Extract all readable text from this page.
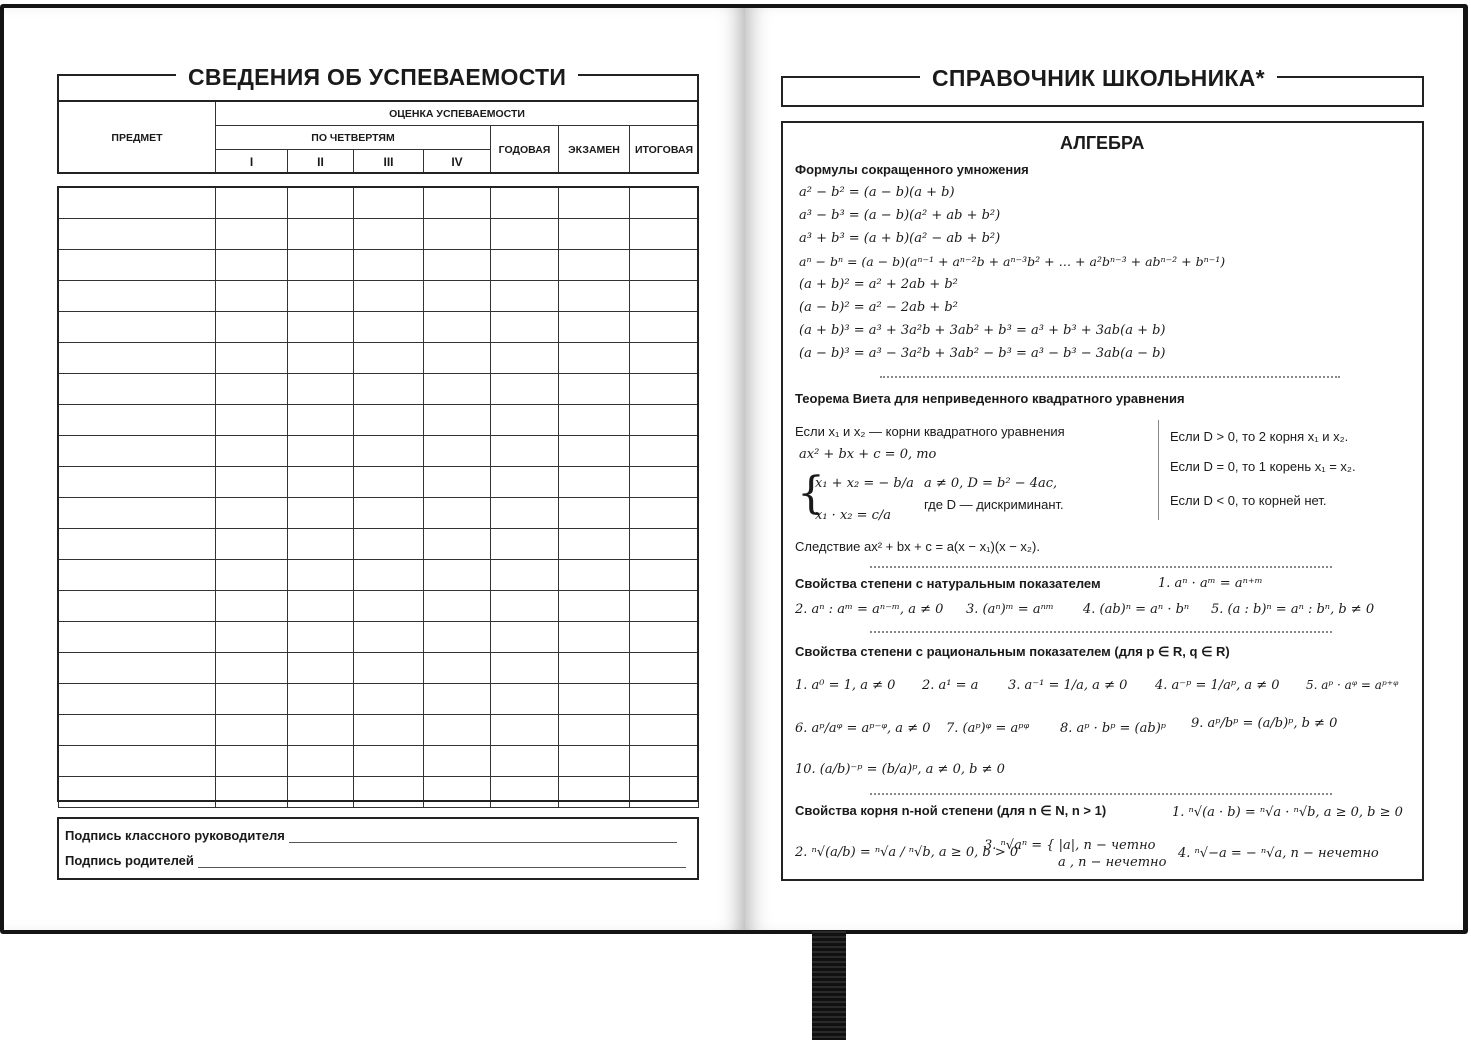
СВЕДЕНИЯ ОБ УСПЕВАЕМОСТИ
ПРЕДМЕТ	ОЦЕНКА УСПЕВАЕМОСТИ						
	ПО ЧЕТВЕРТЯМ				ГОДОВАЯ	ЭКЗАМЕН	ИТОГОВАЯ
	I	II	III	IV			

Подпись классного руководителя
Подпись родителей
СПРАВОЧНИК ШКОЛЬНИКА*
АЛГЕБРА
Формулы сокращенного умножения
a² − b² = (a − b)(a + b)
a³ − b³ = (a − b)(a² + ab + b²)
a³ + b³ = (a + b)(a² − ab + b²)
aⁿ − bⁿ = (a − b)(aⁿ⁻¹ + aⁿ⁻²b + aⁿ⁻³b² + … + a²bⁿ⁻³ + abⁿ⁻² + bⁿ⁻¹)
(a + b)² = a² + 2ab + b²
(a − b)² = a² − 2ab + b²
(a + b)³ = a³ + 3a²b + 3ab² + b³ = a³ + b³ + 3ab(a + b)
(a − b)³ = a³ − 3a²b + 3ab² − b³ = a³ − b³ − 3ab(a − b)
Теорема Виета для неприведенного квадратного уравнения
Если x₁ и x₂ — корни квадратного уравнения
ax² + bx + c = 0, то
{
x₁ + x₂ = − b/a
x₁ · x₂ = c/a
a ≠ 0, D = b² − 4ac,
где D — дискриминант.
Если D > 0, то 2 корня x₁ и x₂.
Если D = 0, то 1 корень x₁ = x₂.
Если D < 0, то корней нет.
Следствие ax² + bx + c = a(x − x₁)(x − x₂).
Свойства степени с натуральным показателем	1. aⁿ · aᵐ = aⁿ⁺ᵐ
2. aⁿ : aᵐ = aⁿ⁻ᵐ, a ≠ 0 3. (aⁿ)ᵐ = aⁿᵐ 4. (ab)ⁿ = aⁿ · bⁿ 5. (a : b)ⁿ = aⁿ : bⁿ, b ≠ 0
Свойства степени с рациональным показателем (для p ∈ R, q ∈ R)
1. a⁰ = 1, a ≠ 0 2. a¹ = a 3. a⁻¹ = 1/a, a ≠ 0 4. a⁻ᵖ = 1/aᵖ, a ≠ 0 5. aᵖ · aᵠ = aᵖ⁺ᵠ
6. aᵖ/aᵠ = aᵖ⁻ᵠ, a ≠ 0 7. (aᵖ)ᵠ = aᵖᵠ 8. aᵖ · bᵖ = (ab)ᵖ 9. aᵖ/bᵖ = (a/b)ᵖ, b ≠ 0
10. (a/b)⁻ᵖ = (b/a)ᵖ, a ≠ 0, b ≠ 0
Свойства корня n-ной степени (для n ∈ N, n > 1)	1. ⁿ√(a · b) = ⁿ√a · ⁿ√b, a ≥ 0, b ≥ 0
2. ⁿ√(a/b) = ⁿ√a / ⁿ√b, a ≥ 0, b > 0
3. ⁿ√aⁿ = { |a|, n − четно
a , n − нечетно
4. ⁿ√−a = − ⁿ√a, n − нечетно
